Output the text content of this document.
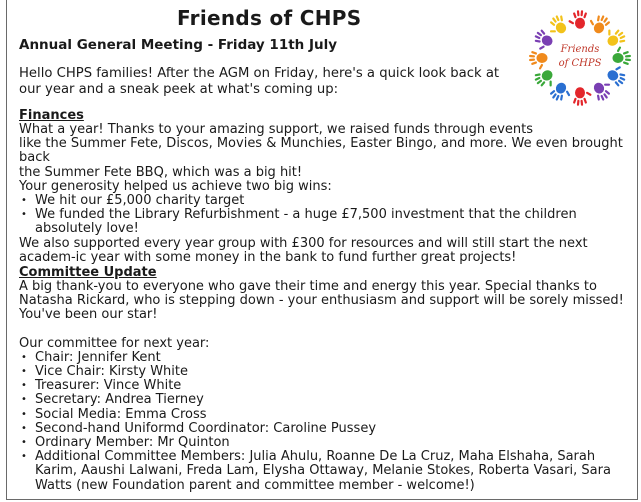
Friends of CHPS
Annual General Meeting - Friday 11th July
Hello CHPS families! After the AGM on Friday, here's a quick look back at our year and a sneak peek at what's coming up:
Friends
of CHPS
Finances

What a year! Thanks to your amazing support, we raised funds through events

like the Summer Fete, Discos, Movies & Munchies, Easter Bingo, and more. We even brought back

the Summer Fete BBQ, which was a big hit!

Your generosity helped us achieve two big wins:

• We hit our £5,000 charity target
• We funded the Library Refurbishment - a huge £7,500 investment that the children absolutely love!

We also supported every year group with £300 for resources and will still start the next academ-ic year with some money in the bank to fund further great projects!

Committee Update

A big thank-you to everyone who gave their time and energy this year. Special thanks to Natasha Rickard, who is stepping down - your enthusiasm and support will be sorely missed! You've been our star!

Our committee for next year:

• Chair: Jennifer Kent
• Vice Chair: Kirsty White
• Treasurer: Vince White
• Secretary: Andrea Tierney
• Social Media: Emma Cross
• Second-hand Uniformd Coordinator: Caroline Pussey
• Ordinary Member: Mr Quinton
• Additional Committee Members: Julia Ahulu, Roanne De La Cruz, Maha Elshaha, Sarah Karim, Aaushi Lalwani, Freda Lam, Elysha Ottaway, Melanie Stokes, Roberta Vasari, Sara Watts (new Foundation parent and committee member - welcome!)
